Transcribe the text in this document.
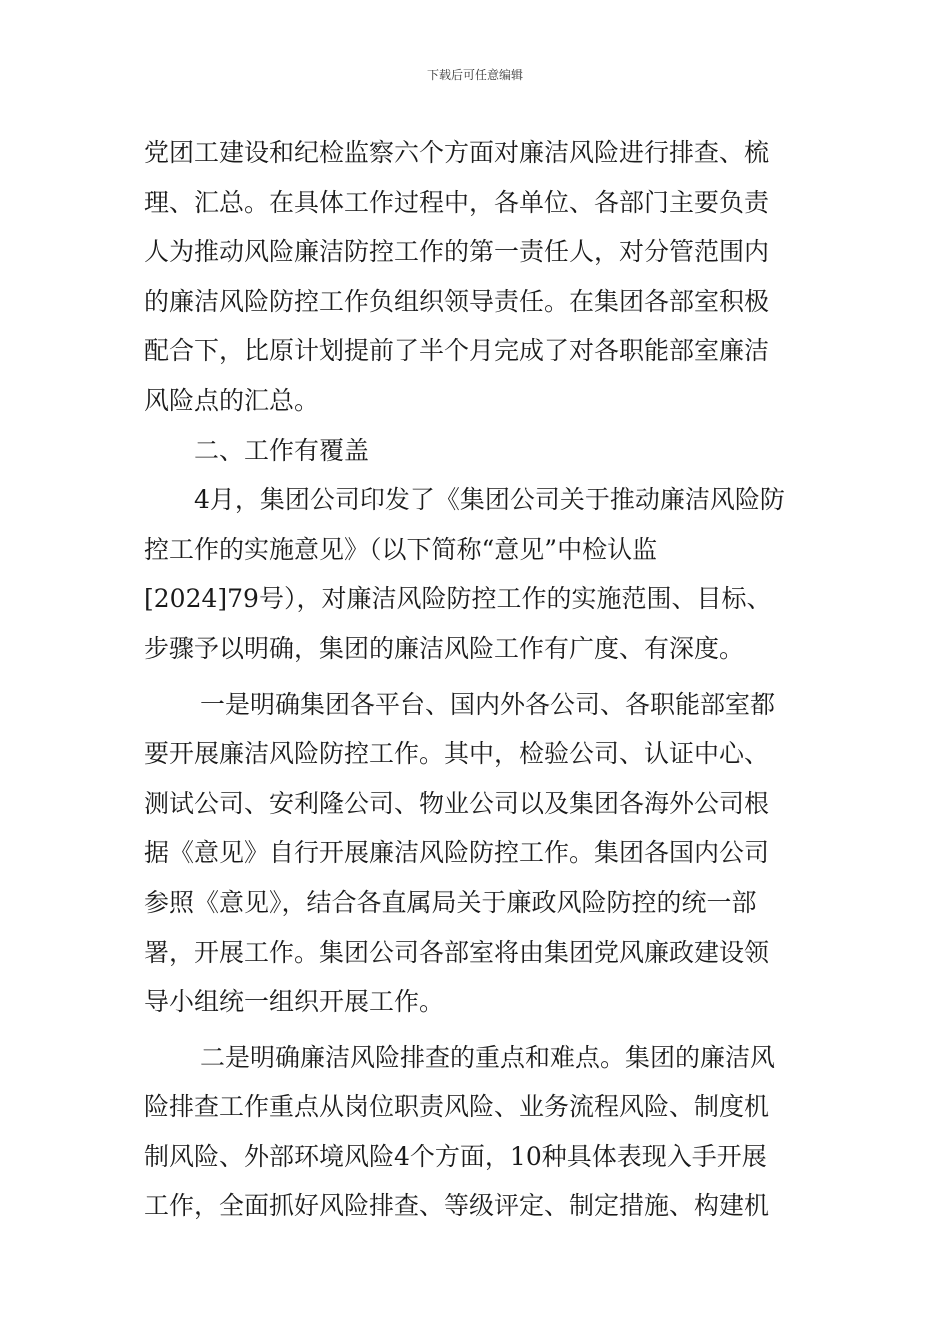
下载后可任意编辑
党团工建设和纪检监察六个方面对廉洁风险进行排查、梳
理、汇总。在具体工作过程中，各单位、各部门主要负责
人为推动风险廉洁防控工作的第一责任人，对分管范围内
的廉洁风险防控工作负组织领导责任。在集团各部室积极
配合下，比原计划提前了半个月完成了对各职能部室廉洁
风险点的汇总。
二、工作有覆盖
4月，集团公司印发了《集团公司关于推动廉洁风险防
控工作的实施意见》（以下简称“意见”中检认监
[2024]79号），对廉洁风险防控工作的实施范围、目标、
步骤予以明确，集团的廉洁风险工作有广度、有深度。
一是明确集团各平台、国内外各公司、各职能部室都
要开展廉洁风险防控工作。其中，检验公司、认证中心、
测试公司、安利隆公司、物业公司以及集团各海外公司根
据《意见》自行开展廉洁风险防控工作。集团各国内公司
参照《意见》，结合各直属局关于廉政风险防控的统一部
署，开展工作。集团公司各部室将由集团党风廉政建设领
导小组统一组织开展工作。
二是明确廉洁风险排查的重点和难点。集团的廉洁风
险排查工作重点从岗位职责风险、业务流程风险、制度机
制风险、外部环境风险4个方面，10种具体表现入手开展
工作，全面抓好风险排查、等级评定、制定措施、构建机
